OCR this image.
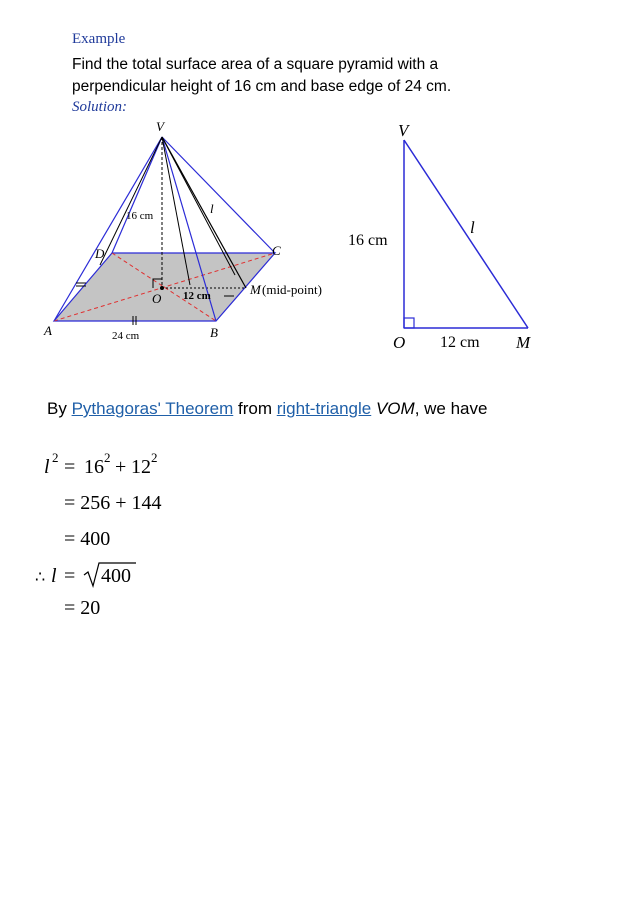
Example
Find the total surface area of a square pyramid with a
perpendicular height of 16 cm and base edge of 24 cm.
Solution:
V
D	C
A	B
O
16 cm	l
12 cm
24 cm
M (mid-point)
V
16 cm
l
O 12 cm M
By Pythagoras' Theorem from right-triangle VOM, we have
l 2 = 16 2 + 12 2
= 256 + 144
= 400
∴ l = 400
= 20
